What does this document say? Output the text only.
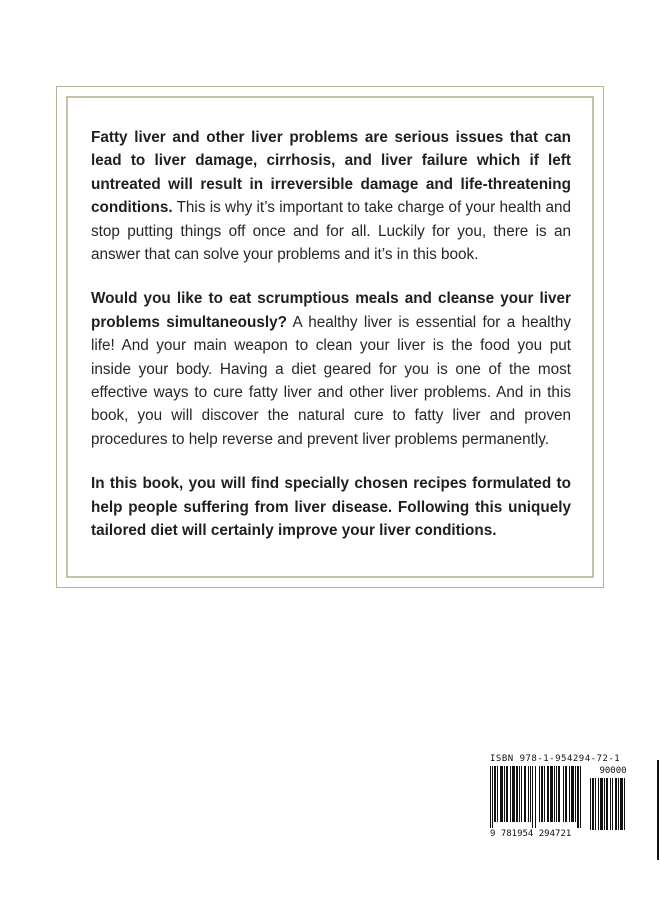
Fatty liver and other liver problems are serious issues that can lead to liver damage, cirrhosis, and liver failure which if left untreated will result in irreversible damage and life-threatening conditions. This is why it’s important to take charge of your health and stop putting things off once and for all. Luckily for you, there is an answer that can solve your problems and it’s in this book.

Would you like to eat scrumptious meals and cleanse your liver problems simultaneously? A healthy liver is essential for a healthy life! And your main weapon to clean your liver is the food you put inside your body. Having a diet geared for you is one of the most effective ways to cure fatty liver and other liver problems. And in this book, you will discover the natural cure to fatty liver and proven procedures to help reverse and prevent liver problems permanently.

In this book, you will find specially chosen recipes formulated to help people suffering from liver disease. Following this uniquely tailored diet will certainly improve your liver conditions.

ISBN 978-1-954294-72-1
9 781954 294721
90000
